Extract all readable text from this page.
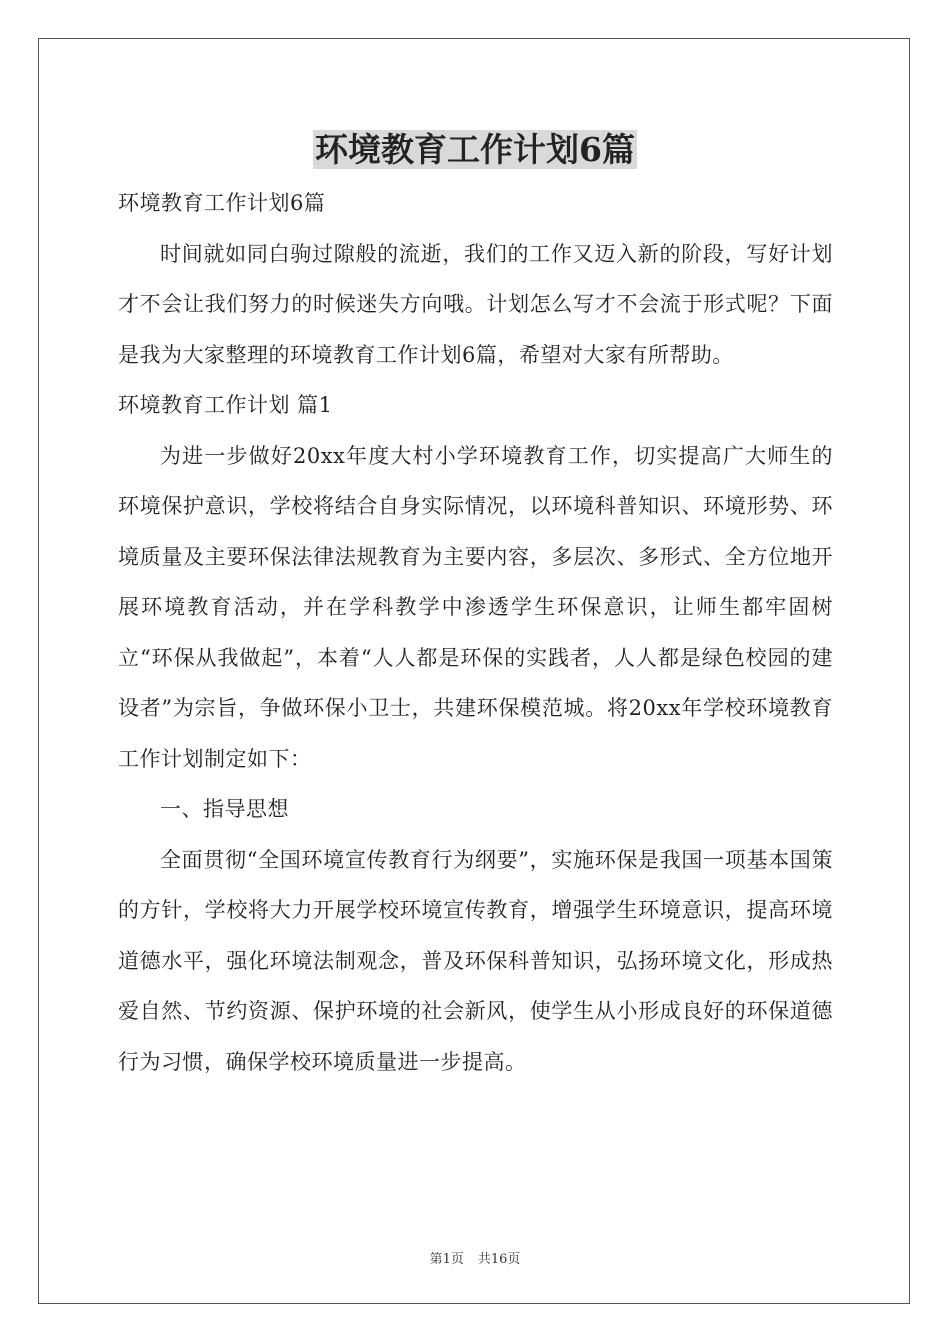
环境教育工作计划6篇

环境教育工作计划6篇

时间就如同白驹过隙般的流逝，我们的工作又迈入新的阶段，写好计划才不会让我们努力的时候迷失方向哦。计划怎么写才不会流于形式呢？下面是我为大家整理的环境教育工作计划6篇，希望对大家有所帮助。

环境教育工作计划 篇1

为进一步做好20xx年度大村小学环境教育工作，切实提高广大师生的环境保护意识，学校将结合自身实际情况，以环境科普知识、环境形势、环境质量及主要环保法律法规教育为主要内容，多层次、多形式、全方位地开展环境教育活动，并在学科教学中渗透学生环保意识，让师生都牢固树立“环保从我做起”，本着“人人都是环保的实践者，人人都是绿色校园的建设者”为宗旨，争做环保小卫士，共建环保模范城。将20xx年学校环境教育工作计划制定如下：

一、指导思想

全面贯彻“全国环境宣传教育行为纲要”，实施环保是我国一项基本国策的方针，学校将大力开展学校环境宣传教育，增强学生环境意识，提高环境道德水平，强化环境法制观念，普及环保科普知识，弘扬环境文化，形成热爱自然、节约资源、保护环境的社会新风，使学生从小形成良好的环保道德行为习惯，确保学校环境质量进一步提高。

第1页 共16页
